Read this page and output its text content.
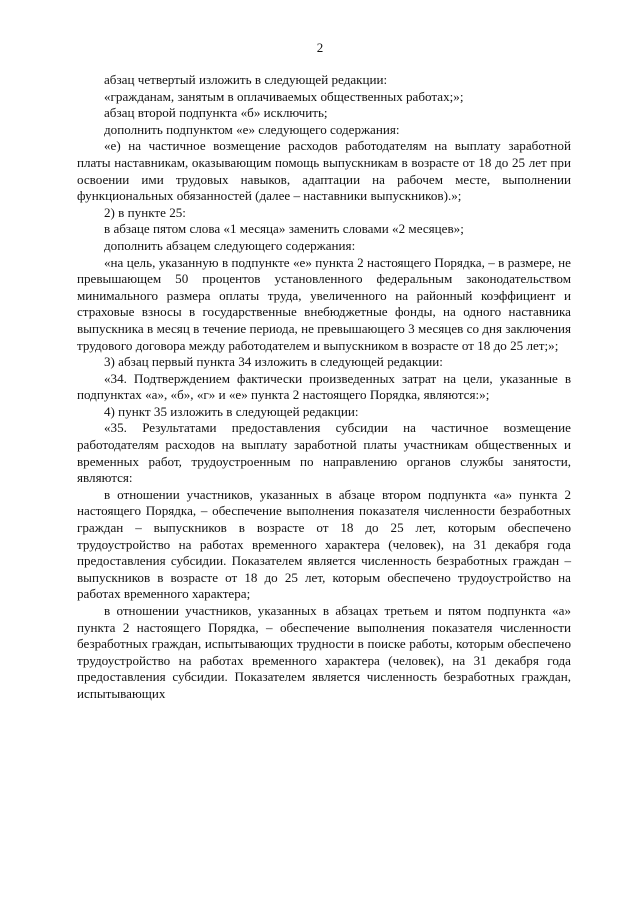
2

абзац четвертый изложить в следующей редакции:

«гражданам, занятым в оплачиваемых общественных работах;»;

абзац второй подпункта «б» исключить;

дополнить подпунктом «е» следующего содержания:

«е) на частичное возмещение расходов работодателям на выплату заработной платы наставникам, оказывающим помощь выпускникам в возрасте от 18 до 25 лет при освоении ими трудовых навыков, адаптации на рабочем месте, выполнении функциональных обязанностей (далее – наставники выпускников).»;

2) в пункте 25:

в абзаце пятом слова «1 месяца» заменить словами «2 месяцев»;

дополнить абзацем следующего содержания:

«на цель, указанную в подпункте «е» пункта 2 настоящего Порядка, – в размере, не превышающем 50 процентов установленного федеральным законодательством минимального размера оплаты труда, увеличенного на районный коэффициент и страховые взносы в государственные внебюджетные фонды, на одного наставника выпускника в месяц в течение периода, не превышающего 3 месяцев со дня заключения трудового договора между работодателем и выпускником в возрасте от 18 до 25 лет;»;

3) абзац первый пункта 34 изложить в следующей редакции:

«34. Подтверждением фактически произведенных затрат на цели, указанные в подпунктах «а», «б», «г» и «е» пункта 2 настоящего Порядка, являются:»;

4) пункт 35 изложить в следующей редакции:

«35. Результатами предоставления субсидии на частичное возмещение работодателям расходов на выплату заработной платы участникам общественных и временных работ, трудоустроенным по направлению органов службы занятости, являются:

в отношении участников, указанных в абзаце втором подпункта «а» пункта 2 настоящего Порядка, – обеспечение выполнения показателя численности безработных граждан – выпускников в возрасте от 18 до 25 лет, которым обеспечено трудоустройство на работах временного характера (человек), на 31 декабря года предоставления субсидии. Показателем является численность безработных граждан – выпускников в возрасте от 18 до 25 лет, которым обеспечено трудоустройство на работах временного характера;

в отношении участников, указанных в абзацах третьем и пятом подпункта «а» пункта 2 настоящего Порядка, – обеспечение выполнения показателя численности безработных граждан, испытывающих трудности в поиске работы, которым обеспечено трудоустройство на работах временного характера (человек), на 31 декабря года предоставления субсидии. Показателем является численность безработных граждан, испытывающих
